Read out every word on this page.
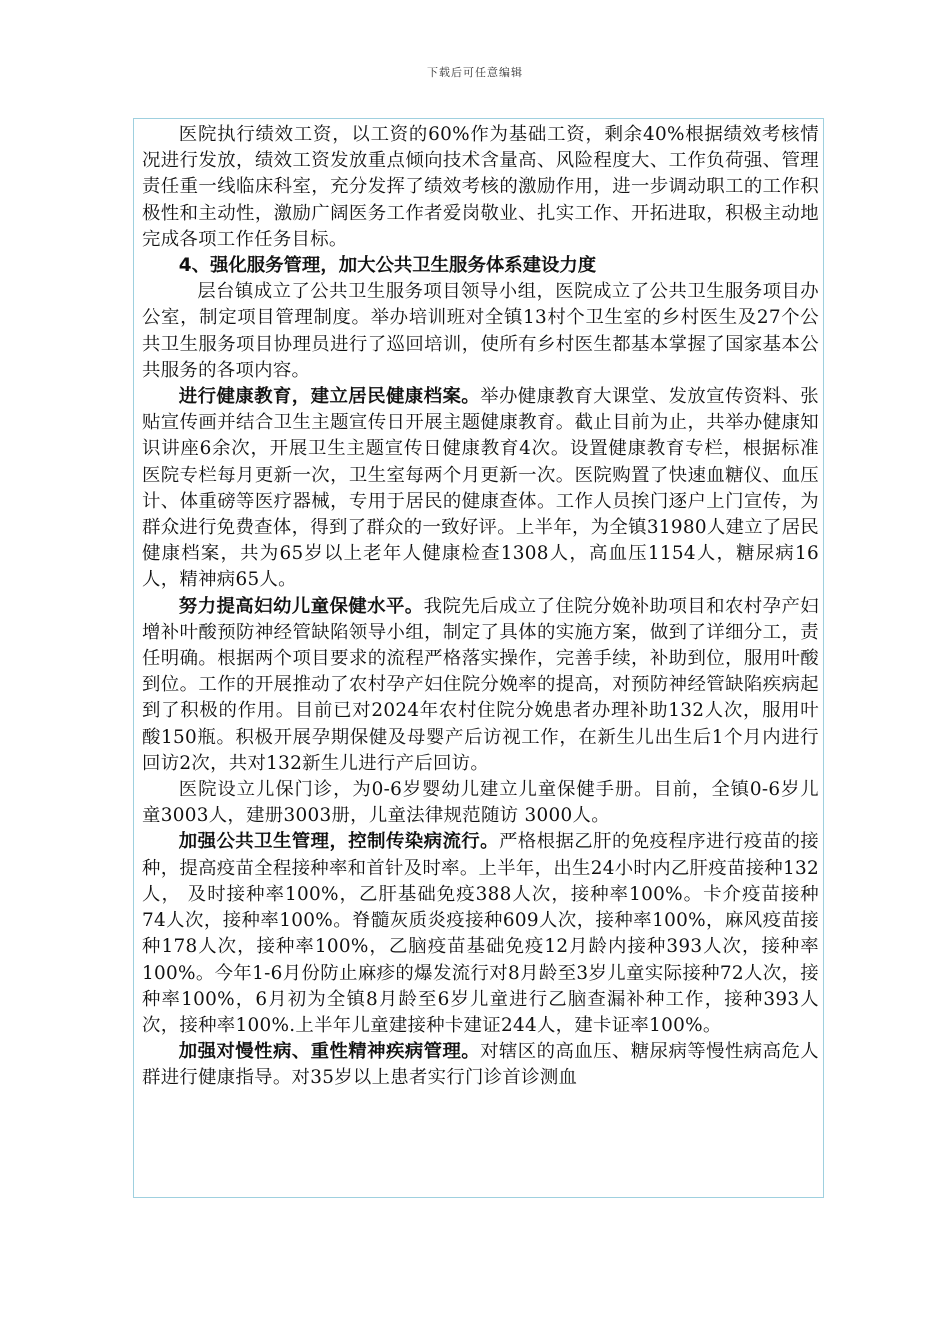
下载后可任意编辑

医院执行绩效工资，以工资的60%作为基础工资，剩余40%根据绩效考核情况进行发放，绩效工资发放重点倾向技术含量高、风险程度大、工作负荷强、管理责任重一线临床科室，充分发挥了绩效考核的激励作用，进一步调动职工的工作积极性和主动性，激励广阔医务工作者爱岗敬业、扎实工作、开拓进取，积极主动地完成各项工作任务目标。

4、强化服务管理，加大公共卫生服务体系建设力度

层台镇成立了公共卫生服务项目领导小组，医院成立了公共卫生服务项目办公室，制定项目管理制度。举办培训班对全镇13村个卫生室的乡村医生及27个公共卫生服务项目协理员进行了巡回培训，使所有乡村医生都基本掌握了国家基本公共服务的各项内容。

进行健康教育，建立居民健康档案。举办健康教育大课堂、发放宣传资料、张贴宣传画并结合卫生主题宣传日开展主题健康教育。截止目前为止，共举办健康知识讲座6余次，开展卫生主题宣传日健康教育4次。设置健康教育专栏，根据标准医院专栏每月更新一次，卫生室每两个月更新一次。医院购置了快速血糖仪、血压计、体重磅等医疗器械，专用于居民的健康查体。工作人员挨门逐户上门宣传，为群众进行免费查体，得到了群众的一致好评。上半年，为全镇31980人建立了居民健康档案，共为65岁以上老年人健康检查1308人，高血压1154人，糖尿病16人，精神病65人。

努力提高妇幼儿童保健水平。我院先后成立了住院分娩补助项目和农村孕产妇增补叶酸预防神经管缺陷领导小组，制定了具体的实施方案，做到了详细分工，责任明确。根据两个项目要求的流程严格落实操作，完善手续，补助到位，服用叶酸到位。工作的开展推动了农村孕产妇住院分娩率的提高，对预防神经管缺陷疾病起到了积极的作用。目前已对2024年农村住院分娩患者办理补助132人次，服用叶酸150瓶。积极开展孕期保健及母婴产后访视工作，在新生儿出生后1个月内进行回访2次，共对132新生儿进行产后回访。

医院设立儿保门诊，为0-6岁婴幼儿建立儿童保健手册。目前，全镇0-6岁儿童3003人，建册3003册，儿童法律规范随访 3000人。

加强公共卫生管理，控制传染病流行。严格根据乙肝的免疫程序进行疫苗的接种，提高疫苗全程接种率和首针及时率。上半年，出生24小时内乙肝疫苗接种132人， 及时接种率100%，乙肝基础免疫388人次，接种率100%。卡介疫苗接种74人次，接种率100%。脊髓灰质炎疫接种609人次，接种率100%，麻风疫苗接种178人次，接种率100%，乙脑疫苗基础免疫12月龄内接种393人次，接种率100%。今年1-6月份防止麻疹的爆发流行对8月龄至3岁儿童实际接种72人次，接种率100%，6月初为全镇8月龄至6岁儿童进行乙脑查漏补种工作，接种393人次，接种率100%.上半年儿童建接种卡建证244人，建卡证率100%。

加强对慢性病、重性精神疾病管理。对辖区的高血压、糖尿病等慢性病高危人群进行健康指导。对35岁以上患者实行门诊首诊测血
